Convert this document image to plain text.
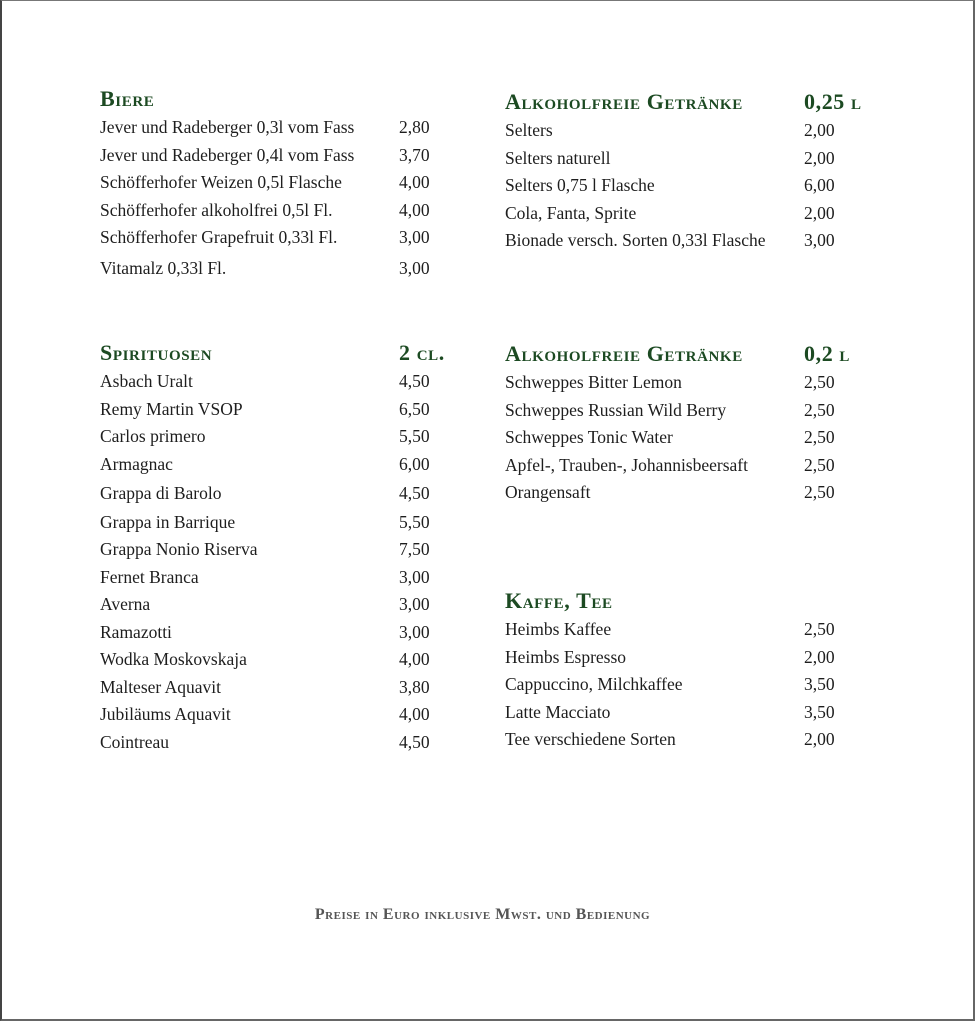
Biere
Jever und Radeberger 0,3l vom Fass	2,80
Jever und Radeberger 0,4l vom Fass	3,70
Schöfferhofer Weizen 0,5l Flasche	4,00
Schöfferhofer alkoholfrei 0,5l Fl.	4,00
Schöfferhofer Grapefruit 0,33l Fl.	3,00
Vitamalz 0,33l Fl.	3,00
Alkoholfreie Getränke	0,25 l
Selters	2,00
Selters naturell	2,00
Selters 0,75 l Flasche	6,00
Cola, Fanta, Sprite	2,00
Bionade versch. Sorten 0,33l Flasche 3,00
Spirituosen	2 cl.
Asbach Uralt	4,50
Remy Martin VSOP	6,50
Carlos primero	5,50
Armagnac	6,00
Grappa di Barolo	4,50
Grappa in Barrique	5,50
Grappa Nonio Riserva	7,50
Fernet Branca	3,00
Averna	3,00
Ramazotti	3,00
Wodka Moskovskaja	4,00
Malteser Aquavit	3,80
Jubiläums Aquavit	4,00
Cointreau	4,50
Alkoholfreie Getränke	0,2 l
Schweppes Bitter Lemon	2,50
Schweppes Russian Wild Berry	2,50
Schweppes Tonic Water	2,50
Apfel-, Trauben-, Johannisbeersaft	2,50
Orangensaft	2,50
Kaffe, Tee
Heimbs Kaffee	2,50
Heimbs Espresso	2,00
Cappuccino, Milchkaffee	3,50
Latte Macciato	3,50
Tee verschiedene Sorten	2,00
Preise in Euro inklusive Mwst. und Bedienung
